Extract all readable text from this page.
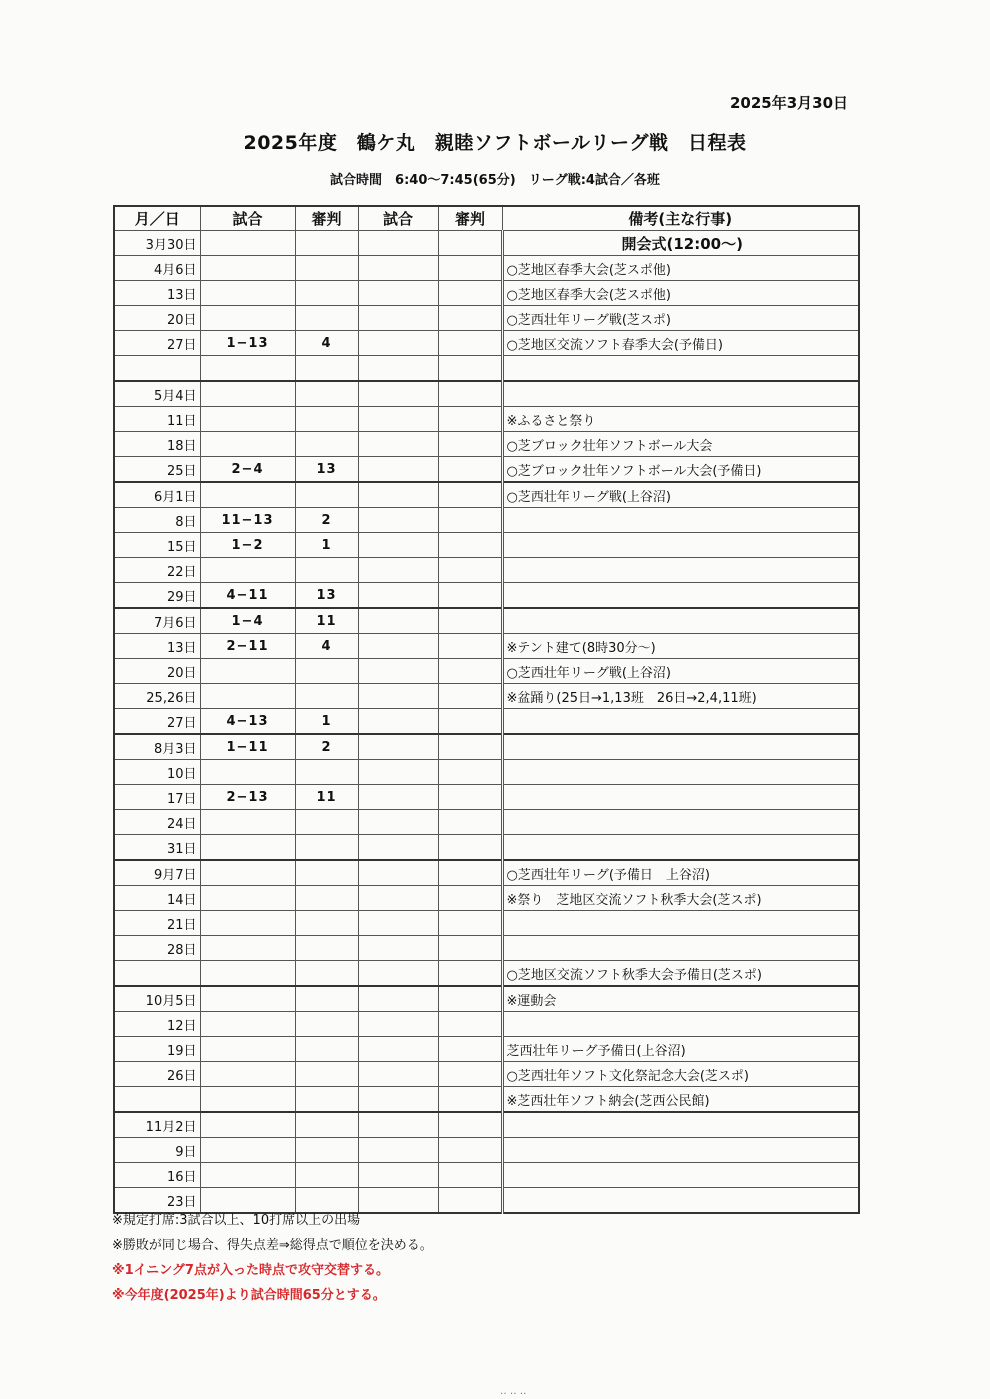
2025年3月30日
2025年度　鶴ケ丸　親睦ソフトボールリーグ戦　日程表
試合時間　6:40〜7:45(65分)　リーグ戦:4試合／各班
月／日	試合	審判	試合	審判	備考(主な行事)
3月30日					開会式(12:00〜)
4月6日					○芝地区春季大会(芝スポ他)
13日					○芝地区春季大会(芝スポ他)
20日					○芝西壮年リーグ戦(芝スポ)
27日	1−13	4			○芝地区交流ソフト春季大会(予備日)

5月4日					
11日					※ふるさと祭り
18日					○芝ブロック壮年ソフトボール大会
25日	2−4	13			○芝ブロック壮年ソフトボール大会(予備日)
6月1日					○芝西壮年リーグ戦(上谷沼)
8日	11−13	2			
15日	1−2	1			
22日					
29日	4−11	13			
7月6日	1−4	11			
13日	2−11	4			※テント建て(8時30分〜)
20日					○芝西壮年リーグ戦(上谷沼)
25,26日					※盆踊り(25日→1,13班　26日→2,4,11班)
27日	4−13	1			
8月3日	1−11	2			
10日					
17日	2−13	11			
24日					
31日					
9月7日					○芝西壮年リーグ(予備日　上谷沼)
14日					※祭り　芝地区交流ソフト秋季大会(芝スポ)
21日					
28日					
					○芝地区交流ソフト秋季大会予備日(芝スポ)
10月5日					※運動会
12日					
19日					芝西壮年リーグ予備日(上谷沼)
26日					○芝西壮年ソフト文化祭記念大会(芝スポ)
					※芝西壮年ソフト納会(芝西公民館)
11月2日					
9日					
16日					
23日					
※規定打席:3試合以上、10打席以上の出場
※勝敗が同じ場合、得失点差⇒総得点で順位を決める。
※1イニング7点が入った時点で攻守交替する。
※今年度(2025年)より試合時間65分とする。
‥ ‥ ‥
